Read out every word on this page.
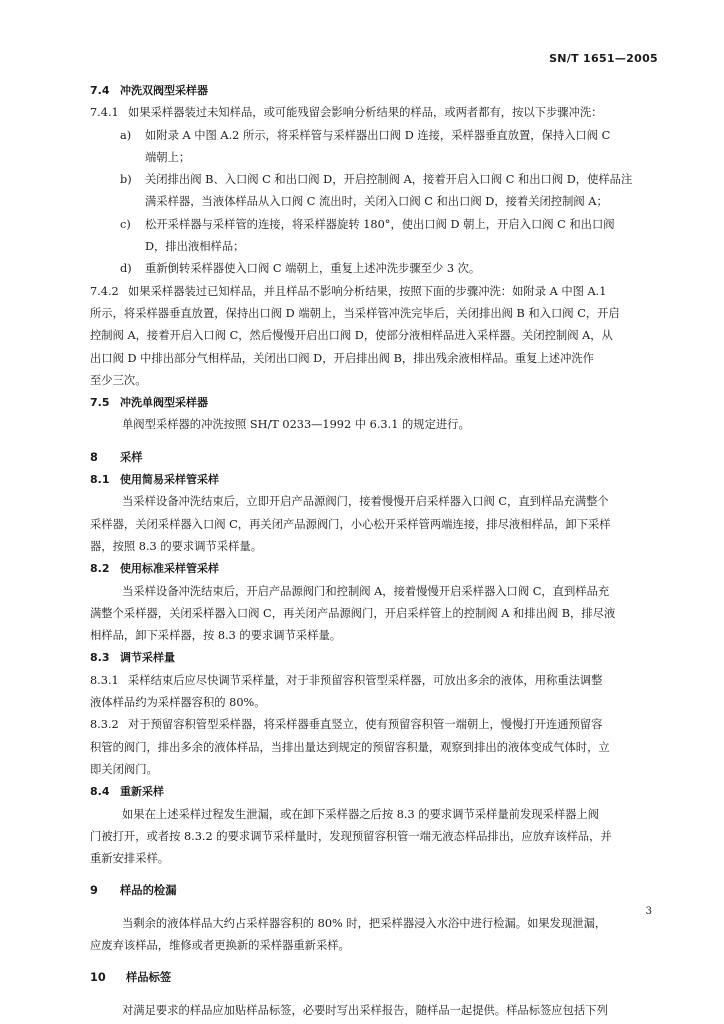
SN/T 1651—2005
7.4 冲洗双阀型采样器
7.4.1 如果采样器装过未知样品，或可能残留会影响分析结果的样品，或两者都有，按以下步骤冲洗：
a) 如附录 A 中图 A.2 所示，将采样管与采样器出口阀 D 连接，采样器垂直放置，保持入口阀 C
端朝上；
b) 关闭排出阀 B、入口阀 C 和出口阀 D，开启控制阀 A，接着开启入口阀 C 和出口阀 D，使样品注
满采样器，当液体样品从入口阀 C 流出时，关闭入口阀 C 和出口阀 D，接着关闭控制阀 A；
c) 松开采样器与采样管的连接，将采样器旋转 180°，使出口阀 D 朝上，开启入口阀 C 和出口阀
D，排出液相样品；
d) 重新倒转采样器使入口阀 C 端朝上，重复上述冲洗步骤至少 3 次。
7.4.2 如果采样器装过已知样品，并且样品不影响分析结果，按照下面的步骤冲洗：如附录 A 中图 A.1
所示，将采样器垂直放置，保持出口阀 D 端朝上，当采样管冲洗完毕后，关闭排出阀 B 和入口阀 C，开启
控制阀 A，接着开启入口阀 C，然后慢慢开启出口阀 D，使部分液相样品进入采样器。关闭控制阀 A，从
出口阀 D 中排出部分气相样品，关闭出口阀 D，开启排出阀 B，排出残余液相样品。重复上述冲洗作
至少三次。
7.5 冲洗单阀型采样器
单阀型采样器的冲洗按照 SH/T 0233—1992 中 6.3.1 的规定进行。
8 采样
8.1 使用简易采样管采样
当采样设备冲洗结束后，立即开启产品源阀门，接着慢慢开启采样器入口阀 C，直到样品充满整个
采样器，关闭采样器入口阀 C，再关闭产品源阀门，小心松开采样管两端连接，排尽液相样品，卸下采样
器，按照 8.3 的要求调节采样量。
8.2 使用标准采样管采样
当采样设备冲洗结束后，开启产品源阀门和控制阀 A，接着慢慢开启采样器入口阀 C，直到样品充
满整个采样器，关闭采样器入口阀 C，再关闭产品源阀门，开启采样管上的控制阀 A 和排出阀 B，排尽液
相样品，卸下采样器，按 8.3 的要求调节采样量。
8.3 调节采样量
8.3.1 采样结束后应尽快调节采样量，对于非预留容积管型采样器，可放出多余的液体，用称重法调整
液体样品约为采样器容积的 80%。
8.3.2 对于预留容积管型采样器，将采样器垂直竖立，使有预留容积管一端朝上，慢慢打开连通预留容
积管的阀门，排出多余的液体样品，当排出量达到规定的预留容积量，观察到排出的液体变成气体时，立
即关闭阀门。
8.4 重新采样
如果在上述采样过程发生泄漏，或在卸下采样器之后按 8.3 的要求调节采样量前发现采样器上阀
门被打开，或者按 8.3.2 的要求调节采样量时，发现预留容积管一端无液态样品排出，应放弃该样品，并
重新安排采样。
9 样品的检漏
当剩余的液体样品大约占采样器容积的 80% 时，把采样器浸入水浴中进行检漏。如果发现泄漏，
应废弃该样品，维修或者更换新的采样器重新采样。
10 样品标签
对满足要求的样品应加贴样品标签，必要时写出采样报告，随样品一起提供。样品标签应包括下列
3
